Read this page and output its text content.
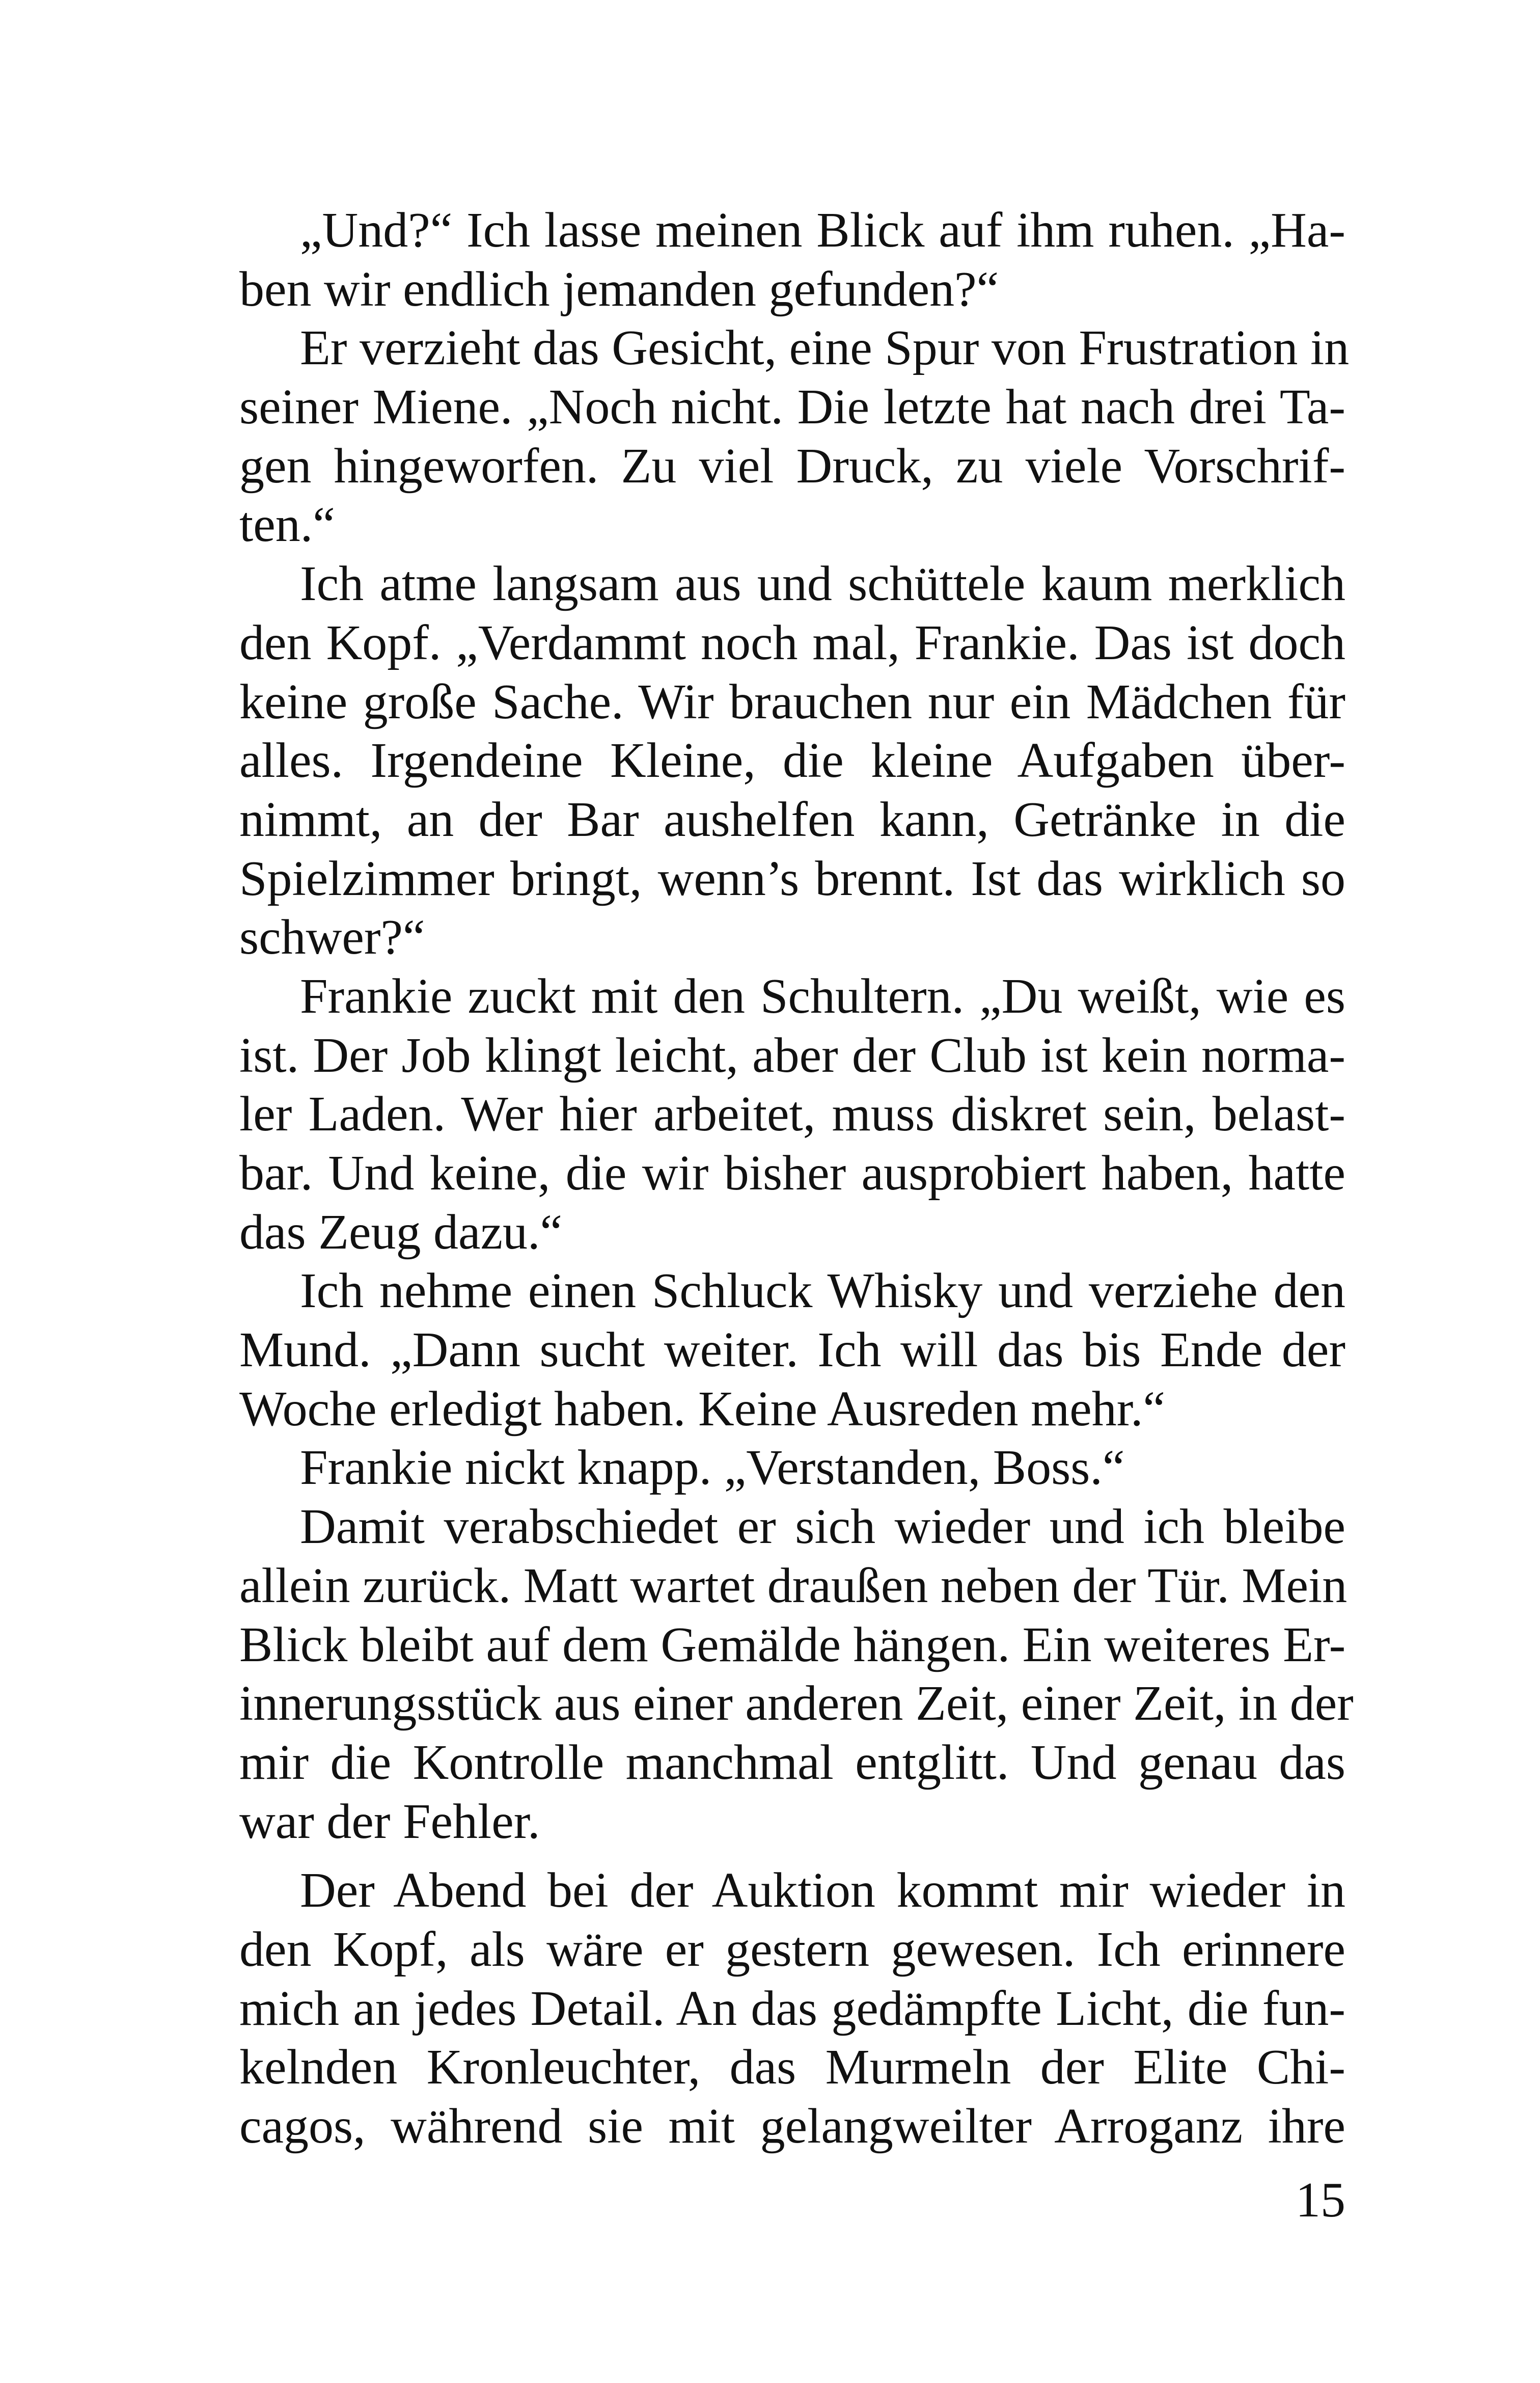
„Und?“ Ich lasse meinen Blick auf ihm ruhen. „Ha-
ben wir endlich jemanden gefunden?“
Er verzieht das Gesicht, eine Spur von Frustration in
seiner Miene. „Noch nicht. Die letzte hat nach drei Ta-
gen hingeworfen. Zu viel Druck, zu viele Vorschrif-
ten.“
Ich atme langsam aus und schüttele kaum merklich
den Kopf. „Verdammt noch mal, Frankie. Das ist doch
keine große Sache. Wir brauchen nur ein Mädchen für
alles. Irgendeine Kleine, die kleine Aufgaben über-
nimmt, an der Bar aushelfen kann, Getränke in die
Spielzimmer bringt, wenn’s brennt. Ist das wirklich so
schwer?“
Frankie zuckt mit den Schultern. „Du weißt, wie es
ist. Der Job klingt leicht, aber der Club ist kein norma-
ler Laden. Wer hier arbeitet, muss diskret sein, belast-
bar. Und keine, die wir bisher ausprobiert haben, hatte
das Zeug dazu.“
Ich nehme einen Schluck Whisky und verziehe den
Mund. „Dann sucht weiter. Ich will das bis Ende der
Woche erledigt haben. Keine Ausreden mehr.“
Frankie nickt knapp. „Verstanden, Boss.“
Damit verabschiedet er sich wieder und ich bleibe
allein zurück. Matt wartet draußen neben der Tür. Mein
Blick bleibt auf dem Gemälde hängen. Ein weiteres Er-
innerungsstück aus einer anderen Zeit, einer Zeit, in der
mir die Kontrolle manchmal entglitt. Und genau das
war der Fehler.
Der Abend bei der Auktion kommt mir wieder in
den Kopf, als wäre er gestern gewesen. Ich erinnere
mich an jedes Detail. An das gedämpfte Licht, die fun-
kelnden Kronleuchter, das Murmeln der Elite Chi-
cagos, während sie mit gelangweilter Arroganz ihre
15
